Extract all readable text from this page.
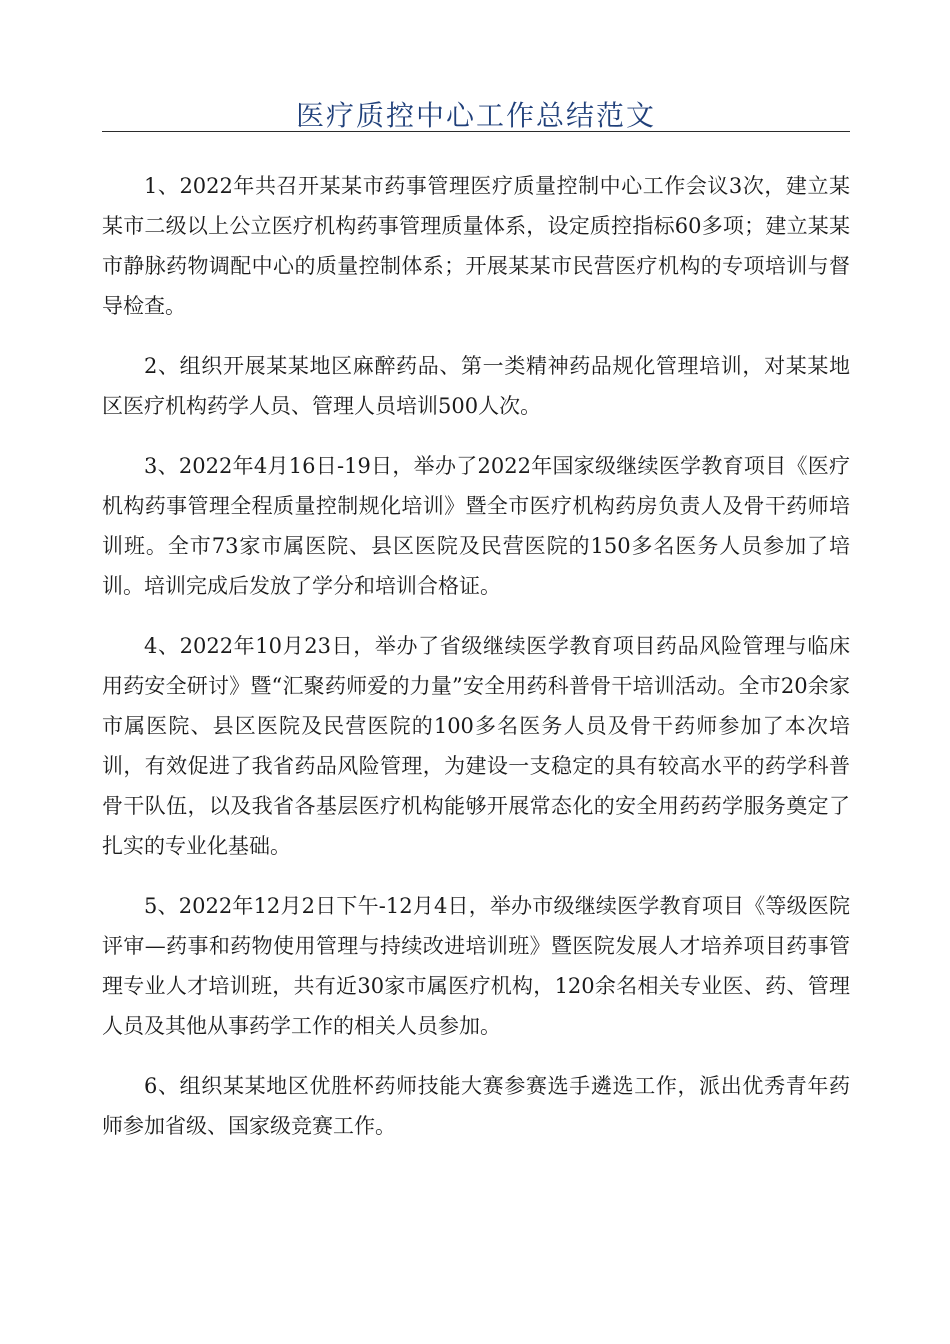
医疗质控中心工作总结范文

1、2022年共召开某某市药事管理医疗质量控制中心工作会议3次，建立某某市二级以上公立医疗机构药事管理质量体系，设定质控指标60多项；建立某某市静脉药物调配中心的质量控制体系；开展某某市民营医疗机构的专项培训与督导检查。

2、组织开展某某地区麻醉药品、第一类精神药品规化管理培训，对某某地区医疗机构药学人员、管理人员培训500人次。

3、2022年4月16日-19日，举办了2022年国家级继续医学教育项目《医疗机构药事管理全程质量控制规化培训》暨全市医疗机构药房负责人及骨干药师培训班。全市73家市属医院、县区医院及民营医院的150多名医务人员参加了培训。培训完成后发放了学分和培训合格证。

4、2022年10月23日，举办了省级继续医学教育项目药品风险管理与临床用药安全研讨》暨“汇聚药师爱的力量”安全用药科普骨干培训活动。全市20余家市属医院、县区医院及民营医院的100多名医务人员及骨干药师参加了本次培训，有效促进了我省药品风险管理，为建设一支稳定的具有较高水平的药学科普骨干队伍，以及我省各基层医疗机构能够开展常态化的安全用药药学服务奠定了扎实的专业化基础。

5、2022年12月2日下午-12月4日，举办市级继续医学教育项目《等级医院评审—药事和药物使用管理与持续改进培训班》暨医院发展人才培养项目药事管理专业人才培训班，共有近30家市属医疗机构，120余名相关专业医、药、管理人员及其他从事药学工作的相关人员参加。

6、组织某某地区优胜杯药师技能大赛参赛选手遴选工作，派出优秀青年药师参加省级、国家级竞赛工作。
